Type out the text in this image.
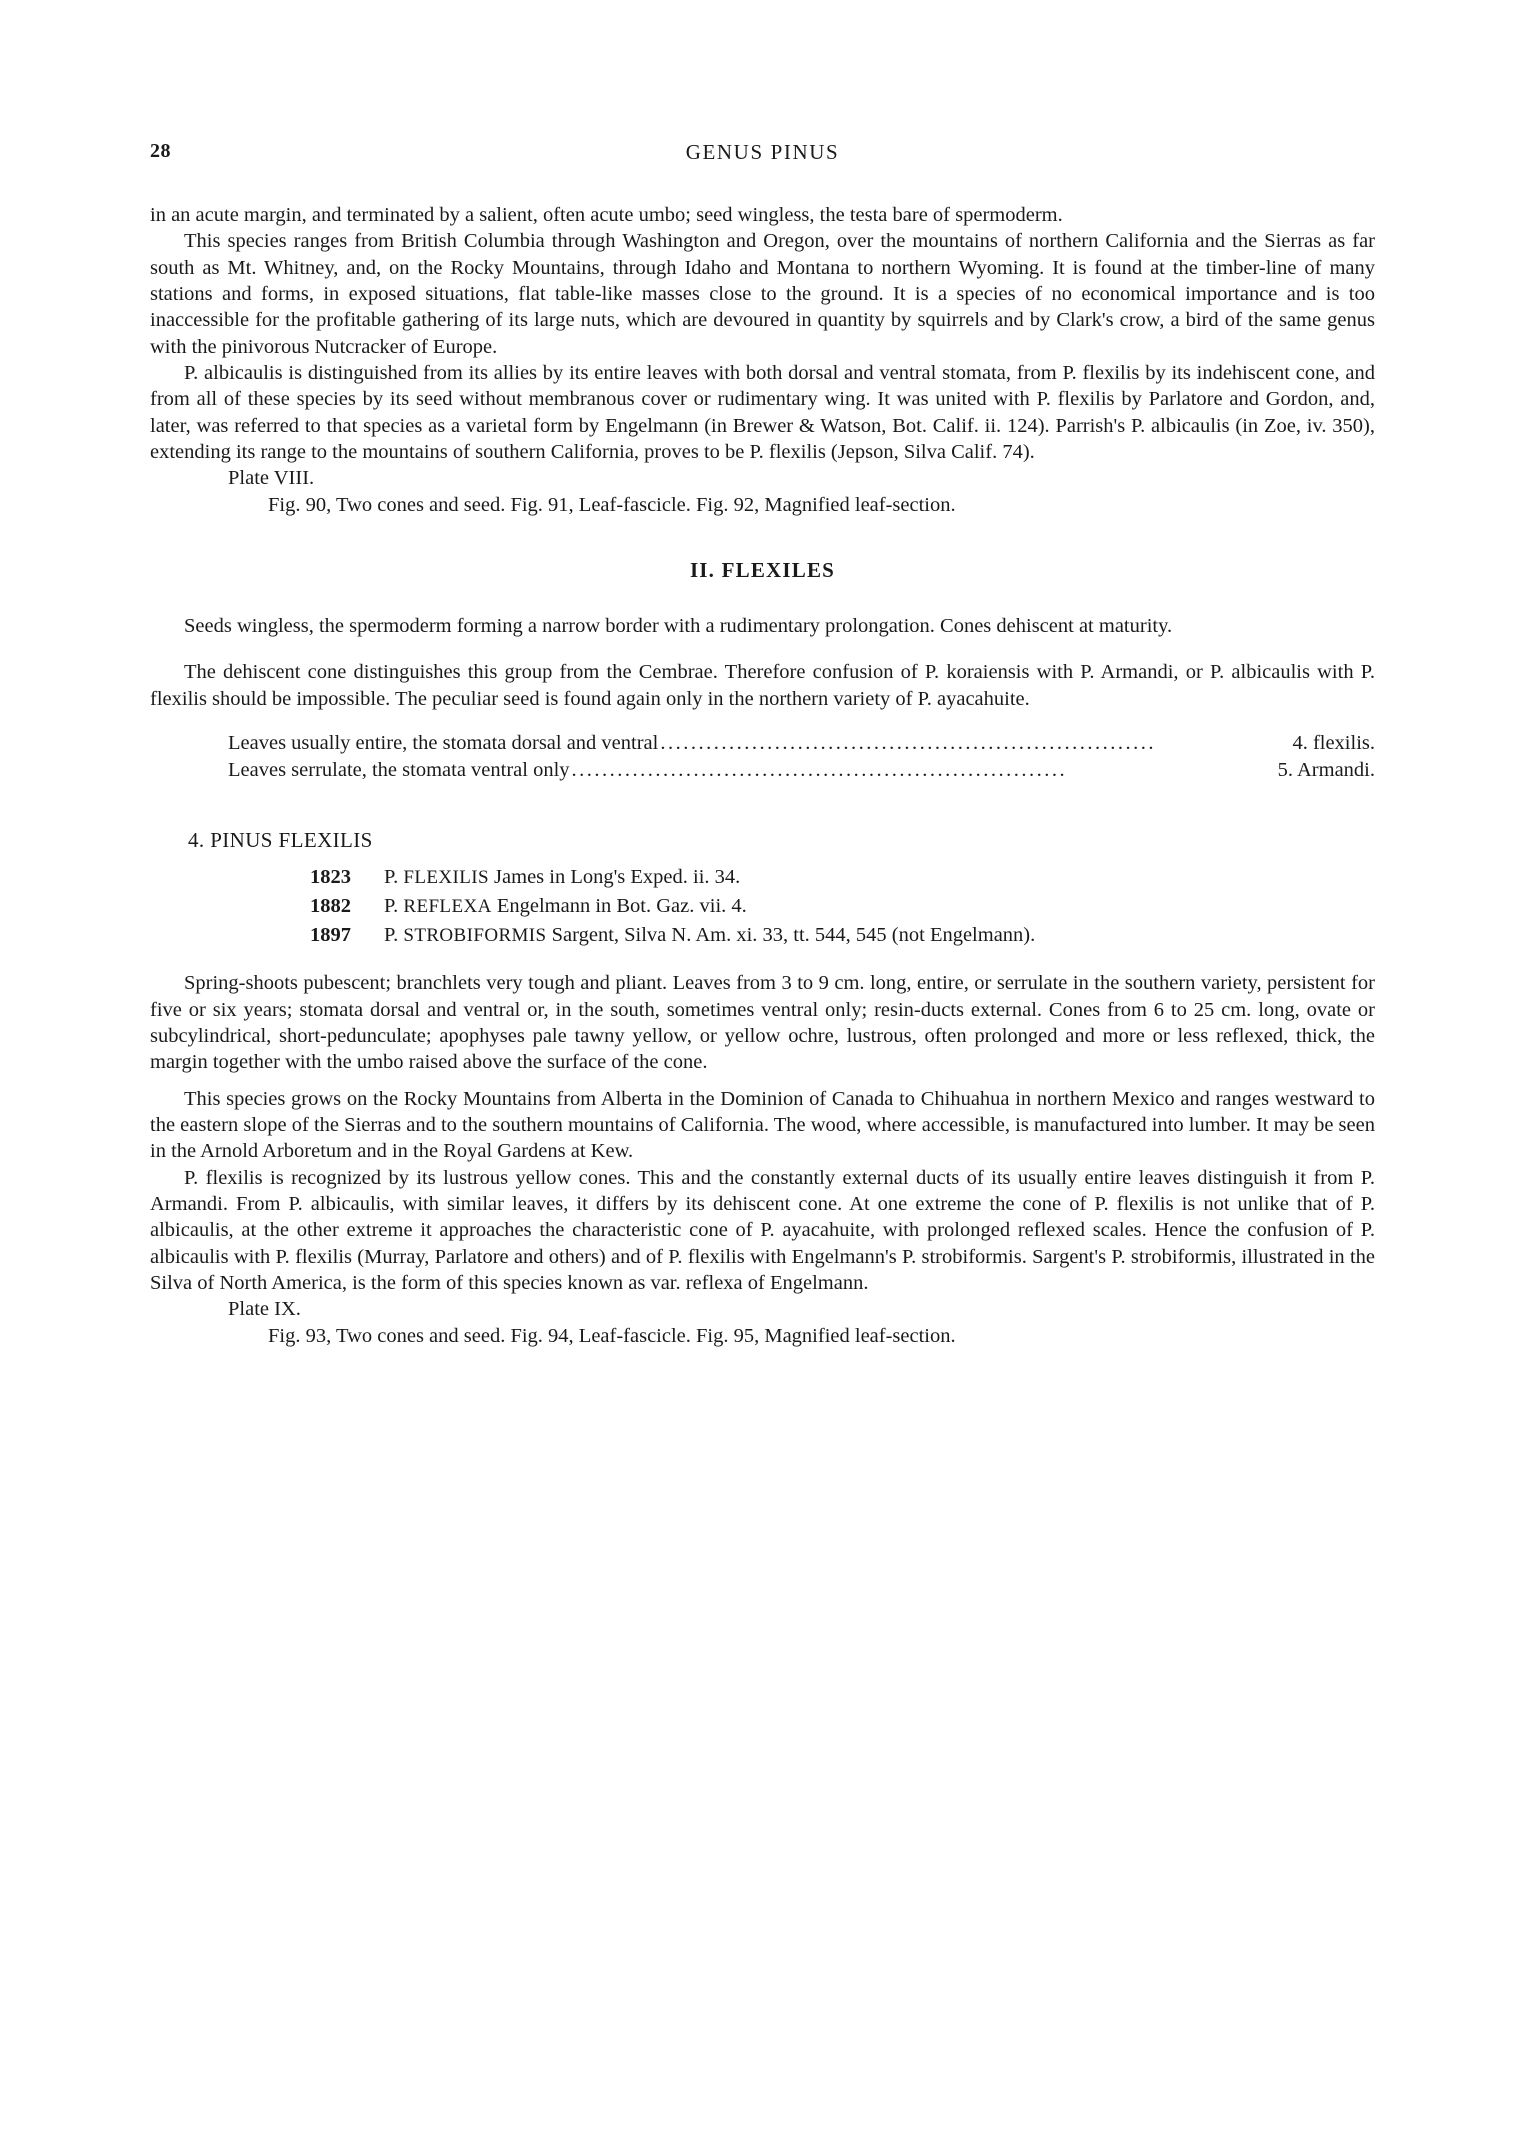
28	GENUS PINUS

in an acute margin, and terminated by a salient, often acute umbo; seed wingless, the testa bare of spermoderm.

This species ranges from British Columbia through Washington and Oregon, over the mountains of northern California and the Sierras as far south as Mt. Whitney, and, on the Rocky Mountains, through Idaho and Montana to northern Wyoming. It is found at the timber-line of many stations and forms, in exposed situations, flat table-like masses close to the ground. It is a species of no economical importance and is too inaccessible for the profitable gathering of its large nuts, which are devoured in quantity by squirrels and by Clark's crow, a bird of the same genus with the pinivorous Nutcracker of Europe.

P. albicaulis is distinguished from its allies by its entire leaves with both dorsal and ventral stomata, from P. flexilis by its indehiscent cone, and from all of these species by its seed without membranous cover or rudimentary wing. It was united with P. flexilis by Parlatore and Gordon, and, later, was referred to that species as a varietal form by Engelmann (in Brewer & Watson, Bot. Calif. ii. 124). Parrish's P. albicaulis (in Zoe, iv. 350), extending its range to the mountains of southern California, proves to be P. flexilis (Jepson, Silva Calif. 74).

Plate VIII.

Fig. 90, Two cones and seed. Fig. 91, Leaf-fascicle. Fig. 92, Magnified leaf-section.

II. FLEXILES

Seeds wingless, the spermoderm forming a narrow border with a rudimentary prolongation. Cones dehiscent at maturity.

The dehiscent cone distinguishes this group from the Cembrae. Therefore confusion of P. koraiensis with P. Armandi, or P. albicaulis with P. flexilis should be impossible. The peculiar seed is found again only in the northern variety of P. ayacahuite.

Leaves usually entire, the stomata dorsal and ventral .................................................................	4. flexilis.
Leaves serrulate, the stomata ventral only .................................................................	5. Armandi.
4. PINUS FLEXILIS
1823	P. FLEXILIS James in Long's Exped. ii. 34.
1882	P. REFLEXA Engelmann in Bot. Gaz. vii. 4.
1897	P. STROBIFORMIS Sargent, Silva N. Am. xi. 33, tt. 544, 545 (not Engelmann).

Spring-shoots pubescent; branchlets very tough and pliant. Leaves from 3 to 9 cm. long, entire, or serrulate in the southern variety, persistent for five or six years; stomata dorsal and ventral or, in the south, sometimes ventral only; resin-ducts external. Cones from 6 to 25 cm. long, ovate or subcylindrical, short-pedunculate; apophyses pale tawny yellow, or yellow ochre, lustrous, often prolonged and more or less reflexed, thick, the margin together with the umbo raised above the surface of the cone.

This species grows on the Rocky Mountains from Alberta in the Dominion of Canada to Chihuahua in northern Mexico and ranges westward to the eastern slope of the Sierras and to the southern mountains of California. The wood, where accessible, is manufactured into lumber. It may be seen in the Arnold Arboretum and in the Royal Gardens at Kew.

P. flexilis is recognized by its lustrous yellow cones. This and the constantly external ducts of its usually entire leaves distinguish it from P. Armandi. From P. albicaulis, with similar leaves, it differs by its dehiscent cone. At one extreme the cone of P. flexilis is not unlike that of P. albicaulis, at the other extreme it approaches the characteristic cone of P. ayacahuite, with prolonged reflexed scales. Hence the confusion of P. albicaulis with P. flexilis (Murray, Parlatore and others) and of P. flexilis with Engelmann's P. strobiformis. Sargent's P. strobiformis, illustrated in the Silva of North America, is the form of this species known as var. reflexa of Engelmann.

Plate IX.

Fig. 93, Two cones and seed. Fig. 94, Leaf-fascicle. Fig. 95, Magnified leaf-section.
